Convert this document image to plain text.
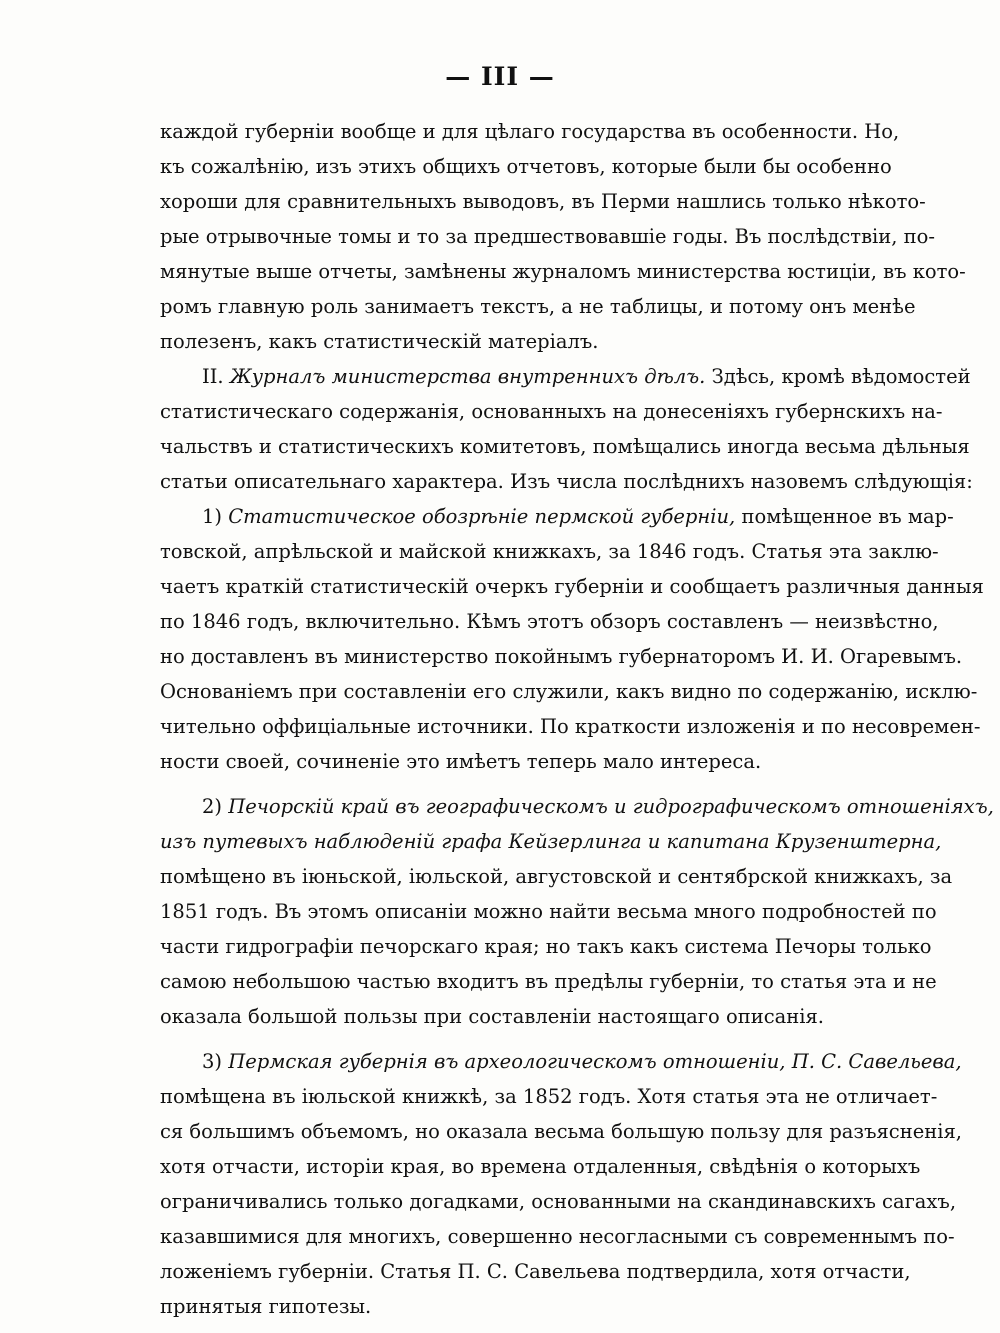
— III —
каждой губерніи вообще и для цѣлаго государства въ особенности. Но,
къ сожалѣнію, изъ этихъ общихъ отчетовъ, которые были бы особенно
хороши для сравнительныхъ выводовъ, въ Перми нашлись только нѣкото-
рые отрывочные томы и то за предшествовавшіе годы. Въ послѣдствіи, по-
мянутые выше отчеты, замѣнены журналомъ министерства юстиціи, въ кото-
ромъ главную роль занимаетъ текстъ, а не таблицы, и потому онъ менѣе
полезенъ, какъ статистическій матеріалъ.
II. Журналъ министерства внутреннихъ дѣлъ. Здѣсь, кромѣ вѣдомостей
статистическаго содержанія, основанныхъ на донесеніяхъ губернскихъ на-
чальствъ и статистическихъ комитетовъ, помѣщались иногда весьма дѣльныя
статьи описательнаго характера. Изъ числа послѣднихъ назовемъ слѣдующія:
1) Статистическое обозрѣніе пермской губерніи, помѣщенное въ мар-
товской, апрѣльской и майской книжкахъ, за 1846 годъ. Статья эта заклю-
чаетъ краткій статистическій очеркъ губерніи и сообщаетъ различныя данныя
по 1846 годъ, включительно. Кѣмъ этотъ обзоръ составленъ — неизвѣстно,
но доставленъ въ министерство покойнымъ губернаторомъ И. И. Огаревымъ.
Основаніемъ при составленіи его служили, какъ видно по содержанію, исклю-
чительно оффиціальные источники. По краткости изложенія и по несовремен-
ности своей, сочиненіе это имѣетъ теперь мало интереса.
2) Печорскій край въ географическомъ и гидрографическомъ отношеніяхъ,
изъ путевыхъ наблюденій графа Кейзерлинга и капитана Крузенштерна,
помѣщено въ іюньской, іюльской, августовской и сентябрской книжкахъ, за
1851 годъ. Въ этомъ описаніи можно найти весьма много подробностей по
части гидрографіи печорскаго края; но такъ какъ система Печоры только
самою небольшою частью входитъ въ предѣлы губерніи, то статья эта и не
оказала большой пользы при составленіи настоящаго описанія.
3) Пермская губернія въ археологическомъ отношеніи, П. С. Савельева,
помѣщена въ іюльской книжкѣ, за 1852 годъ. Хотя статья эта не отличает-
ся большимъ объемомъ, но оказала весьма большую пользу для разъясненія,
хотя отчасти, исторіи края, во времена отдаленныя, свѣдѣнія о которыхъ
ограничивались только догадками, основанными на скандинавскихъ сагахъ,
казавшимися для многихъ, совершенно несогласными съ современнымъ по-
ложеніемъ губерніи. Статья П. С. Савельева подтвердила, хотя отчасти,
принятыя гипотезы.
